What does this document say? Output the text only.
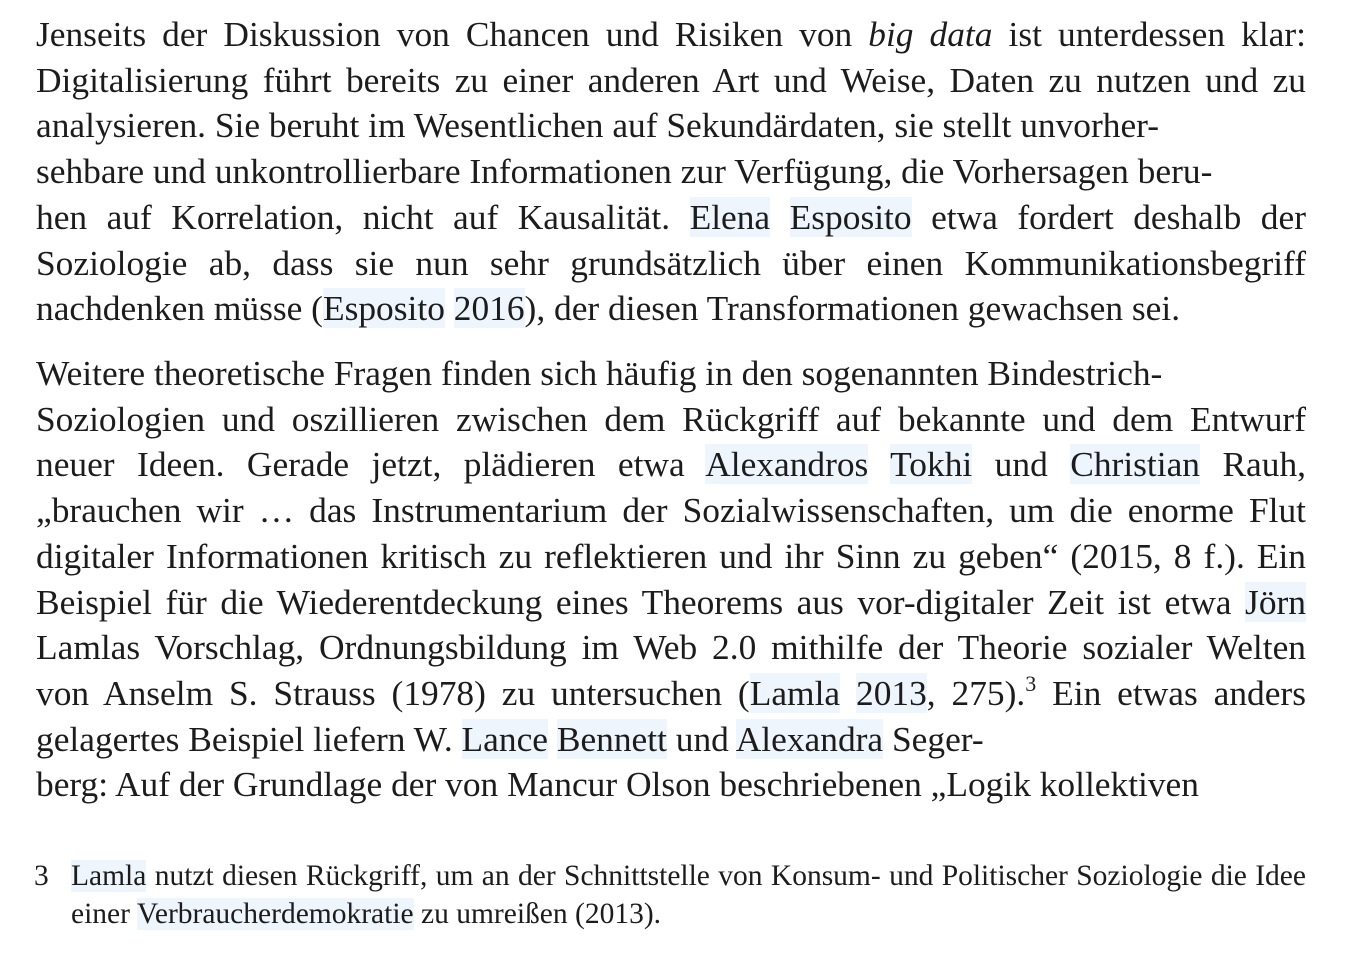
Jenseits der Diskussion von Chancen und Risiken von big data ist unterdessen klar: Digitalisierung führt bereits zu einer anderen Art und Weise, Daten zu nutzen und zu analysieren. Sie beruht im Wesentlichen auf Sekundärdaten, sie stellt unvorher-
sehbare und unkontrollierbare Informationen zur Verfügung, die Vorhersagen beru-
hen auf Korrelation, nicht auf Kausalität. Elena Esposito etwa fordert deshalb der Soziologie ab, dass sie nun sehr grundsätzlich über einen Kommunikationsbegriff nachdenken müsse (Esposito 2016), der diesen Transformationen gewachsen sei.

Weitere theoretische Fragen finden sich häufig in den sogenannten Bindestrich-
Soziologien und oszillieren zwischen dem Rückgriff auf bekannte und dem Entwurf neuer Ideen. Gerade jetzt, plädieren etwa Alexandros Tokhi und Christian Rauh, „brauchen wir … das Instrumentarium der Sozialwissenschaften, um die enorme Flut digitaler Informationen kritisch zu reflektieren und ihr Sinn zu geben“ (2015, 8 f.). Ein Beispiel für die Wiederentdeckung eines Theorems aus vor-digitaler Zeit ist etwa Jörn Lamlas Vorschlag, Ordnungsbildung im Web 2.0 mithilfe der Theorie sozialer Welten von Anselm S. Strauss (1978) zu untersuchen (Lamla 2013, 275).$^3$ Ein etwas anders gelagertes Beispiel liefern W. Lance Bennett und Alexandra Seger-
berg: Auf der Grundlage der von Mancur Olson beschriebenen „Logik kollektiven

3 Lamla nutzt diesen Rückgriff, um an der Schnittstelle von Konsum- und Politischer Soziologie die Idee einer Verbraucherdemokratie zu umreißen (2013).
